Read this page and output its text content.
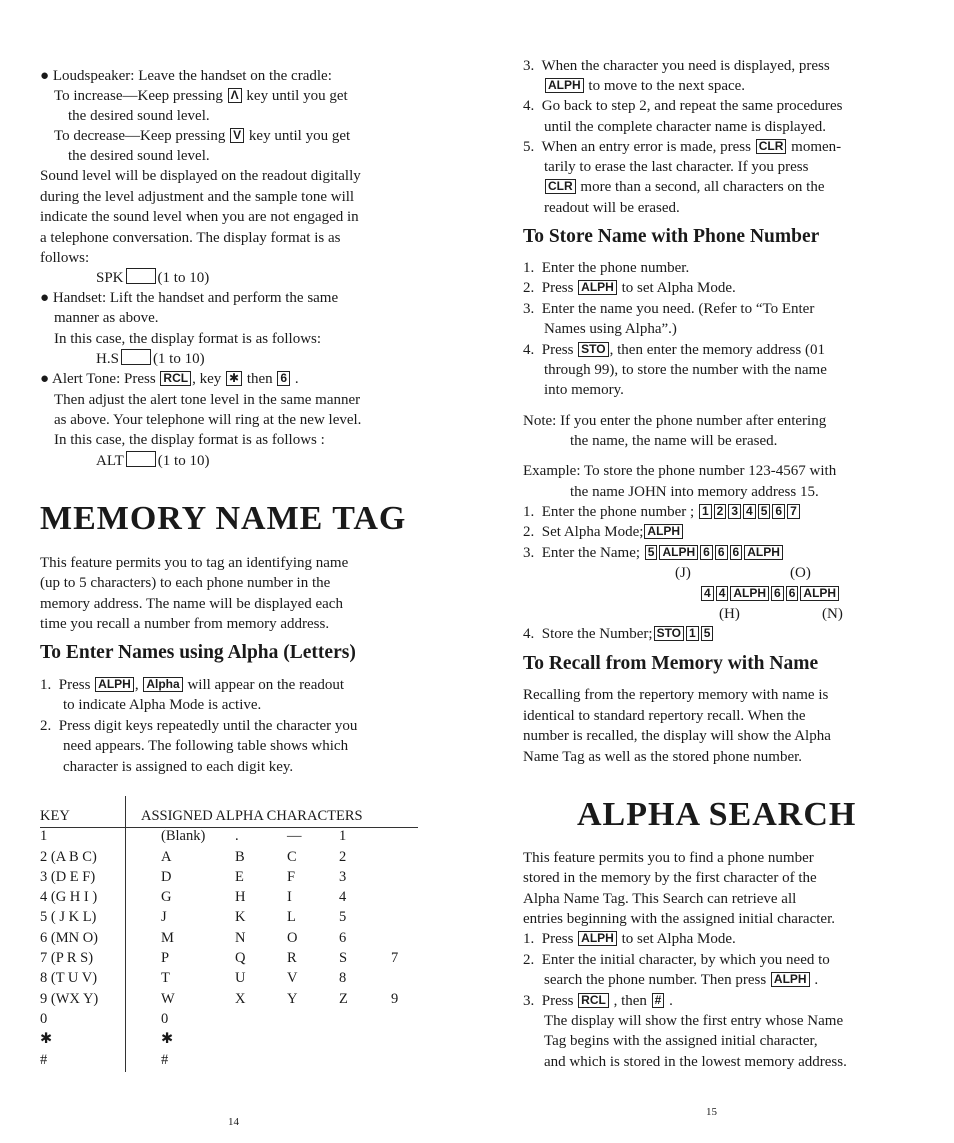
● Loudspeaker: Leave the handset on the cradle:

To increase—Keep pressing Λ key until you get

the desired sound level.

To decrease—Keep pressing V key until you get

the desired sound level.

Sound level will be displayed on the readout digitally

during the level adjustment and the sample tone will

indicate the sound level when you are not engaged in

a telephone conversation. The display format is as

follows:

SPK (1 to 10)

● Handset: Lift the handset and perform the same

manner as above.

In this case, the display format is as follows:

H.S (1 to 10)

● Alert Tone: Press RCL , key ✱ then 6 .

Then adjust the alert tone level in the same manner

as above. Your telephone will ring at the new level.

In this case, the display format is as follows :

ALT (1 to 10)

MEMORY NAME TAG

This feature permits you to tag an identifying name

(up to 5 characters) to each phone number in the

memory address. The name will be displayed each

time you recall a number from memory address.

To Enter Names using Alpha (Letters)

1. Press ALPH , Alpha will appear on the readout

to indicate Alpha Mode is active.

2. Press digit keys repeatedly until the character you

need appears. The following table shows which

character is assigned to each digit key.

KEY	ASSIGNED ALPHA CHARACTERS				
1	(Blank)	.	—	1	
2 (A B C)	A	B	C	2	
3 (D E F)	D	E	F	3	
4 (G H I )	G	H	I	4	
5 ( J K L)	J	K	L	5	
6 (MN O)	M	N	O	6	
7 (P R S)	P	Q	R	S	7
8 (T U V)	T	U	V	8	
9 (WX Y)	W	X	Y	Z	9
0	0				
✱	✱				
#	#				
14

3. When the character you need is displayed, press

ALPH to move to the next space.

4. Go back to step 2, and repeat the same procedures

until the complete character name is displayed.

5. When an entry error is made, press CLR momen-

tarily to erase the last character. If you press

CLR more than a second, all characters on the

readout will be erased.

To Store Name with Phone Number

1.  Enter the phone number.

2.  Press ALPH to set Alpha Mode.

3.  Enter the name you need. (Refer to “To Enter

Names using Alpha”.)

4.  Press STO , then enter the memory address (01

through 99), to store the number with the name

into memory.

Note: If you enter the phone number after entering

the name, the name will be erased.

Example: To store the phone number 123-4567 with

the name JOHN into memory address 15.

1.  Enter the phone number ; 1 2 3 4 5 6 7

2.  Set Alpha Mode; ALPH

3.  Enter the Name; 5 ALPH 6 6 6 ALPH

(J)	(O)

4 4 ALPH 6 6 ALPH

(H)	(N)

4.  Store the Number; STO 1 5

To Recall from Memory with Name

Recalling from the repertory memory with name is

identical to standard repertory recall. When the

number is recalled, the display will show the Alpha

Name Tag as well as the stored phone number.

ALPHA SEARCH

This feature permits you to find a phone number

stored in the memory by the first character of the

Alpha Name Tag. This Search can retrieve all

entries beginning with the assigned initial character.

1.  Press ALPH to set Alpha Mode.

2.  Enter the initial character, by which you need to

search the phone number. Then press ALPH .

3.  Press RCL , then # .

The display will show the first entry whose Name

Tag begins with the assigned initial character,

and which is stored in the lowest memory address.

15
